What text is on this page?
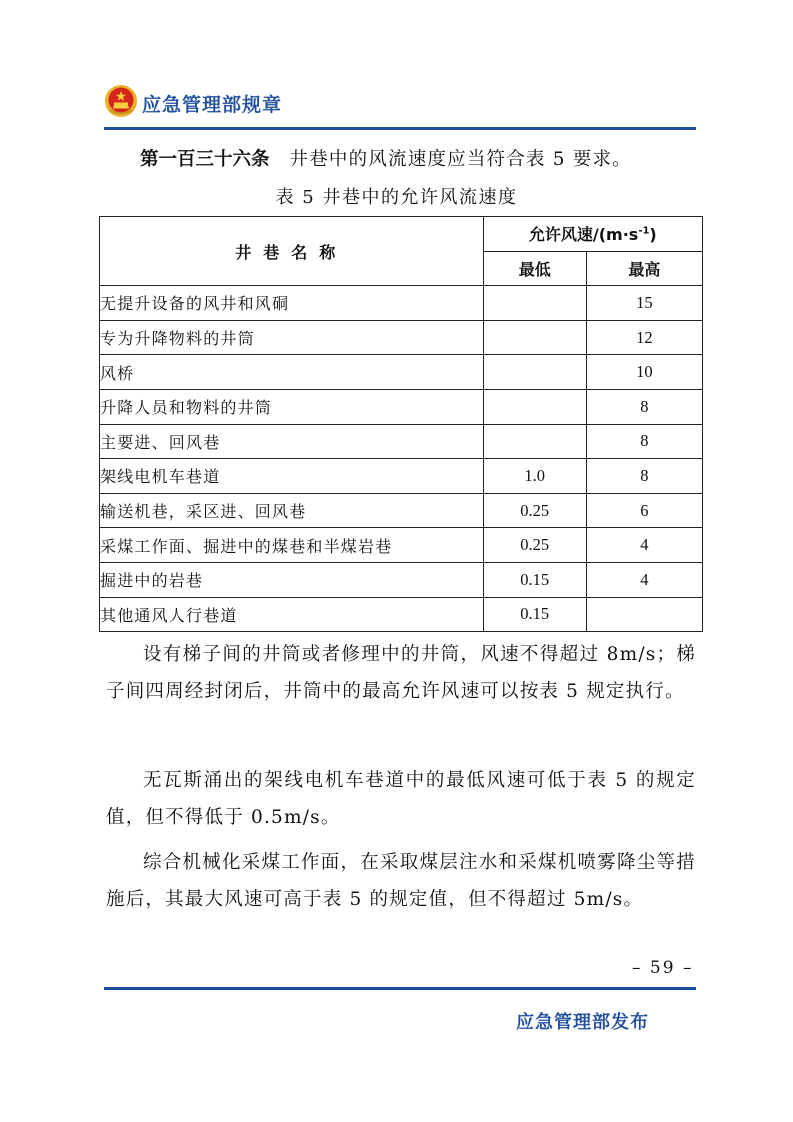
应急管理部规章
第一百三十六条 井巷中的风流速度应当符合表 5 要求。
表 5 井巷中的允许风流速度
井巷名称	允许风速$/(m\cdot s^{-1})$	
	最低	最高
无提升设备的风井和风硐		15
专为升降物料的井筒		12
风桥		10
升降人员和物料的井筒		8
主要进、回风巷		8
架线电机车巷道	1.0	8
输送机巷，采区进、回风巷	0.25	6
采煤工作面、掘进中的煤巷和半煤岩巷	0.25	4
掘进中的岩巷	0.15	4
其他通风人行巷道	0.15	

设有梯子间的井筒或者修理中的井筒，风速不得超过 8m/s；梯子间四周经封闭后，井筒中的最高允许风速可以按表 5 规定执行。

无瓦斯涌出的架线电机车巷道中的最低风速可低于表 5 的规定值，但不得低于 0.5m/s。

综合机械化采煤工作面，在采取煤层注水和采煤机喷雾降尘等措施后，其最大风速可高于表 5 的规定值，但不得超过 5m/s。

– 59 –
应急管理部发布
